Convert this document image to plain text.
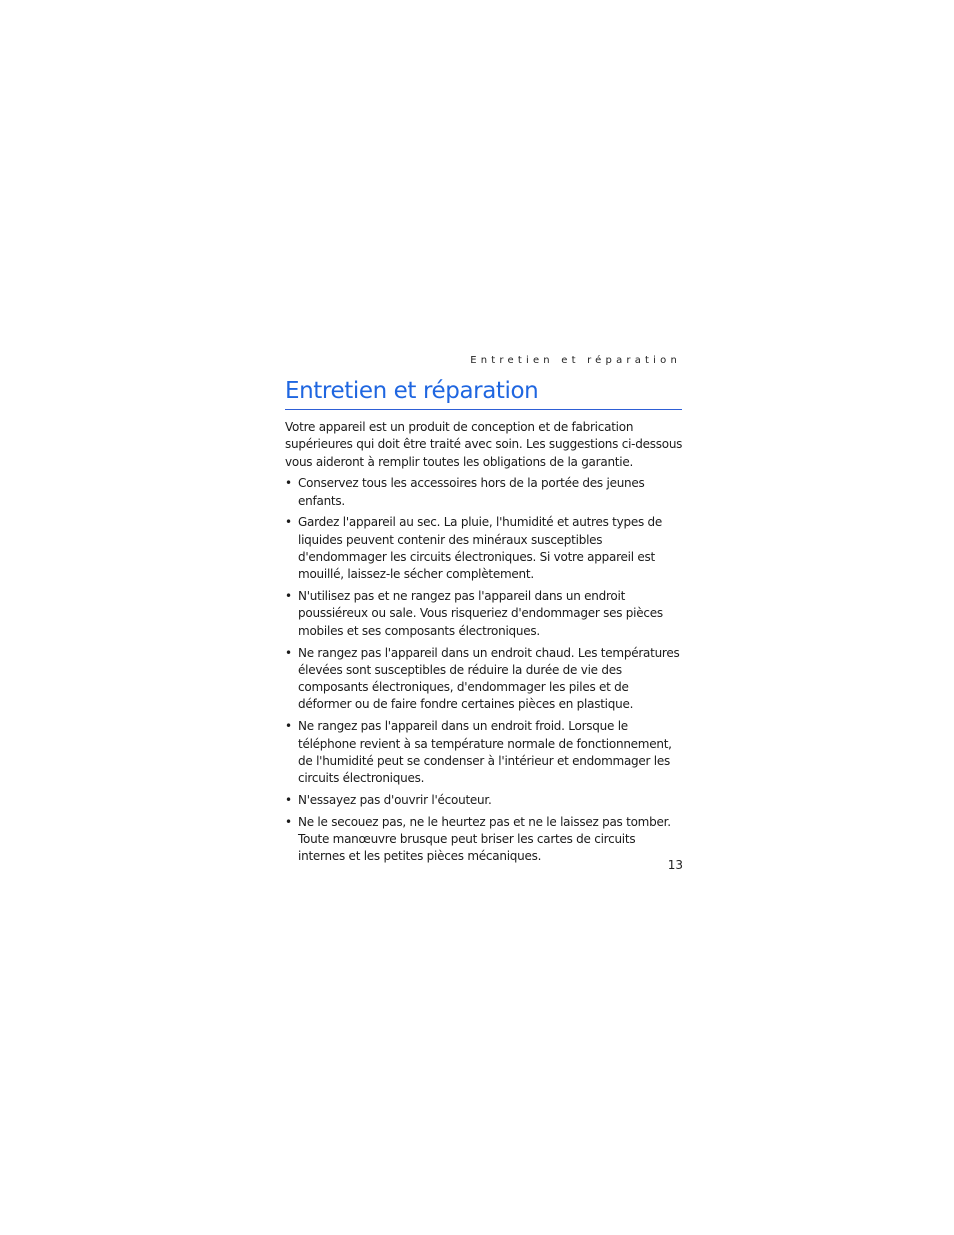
Entretien et réparation
Entretien et réparation

Votre appareil est un produit de conception et de fabrication supérieures qui doit être traité avec soin. Les suggestions ci-dessous vous aideront à remplir toutes les obligations de la garantie.

• Conservez tous les accessoires hors de la portée des jeunes enfants.
• Gardez l'appareil au sec. La pluie, l'humidité et autres types de liquides peuvent contenir des minéraux susceptibles d'endommager les circuits électroniques. Si votre appareil est mouillé, laissez-le sécher complètement.
• N'utilisez pas et ne rangez pas l'appareil dans un endroit poussiéreux ou sale. Vous risqueriez d'endommager ses pièces mobiles et ses composants électroniques.
• Ne rangez pas l'appareil dans un endroit chaud. Les températures élevées sont susceptibles de réduire la durée de vie des composants électroniques, d'endommager les piles et de déformer ou de faire fondre certaines pièces en plastique.
• Ne rangez pas l'appareil dans un endroit froid. Lorsque le téléphone revient à sa température normale de fonctionnement, de l'humidité peut se condenser à l'intérieur et endommager les circuits électroniques.
• N'essayez pas d'ouvrir l'écouteur.
• Ne le secouez pas, ne le heurtez pas et ne le laissez pas tomber. Toute manœuvre brusque peut briser les cartes de circuits internes et les petites pièces mécaniques.
13
